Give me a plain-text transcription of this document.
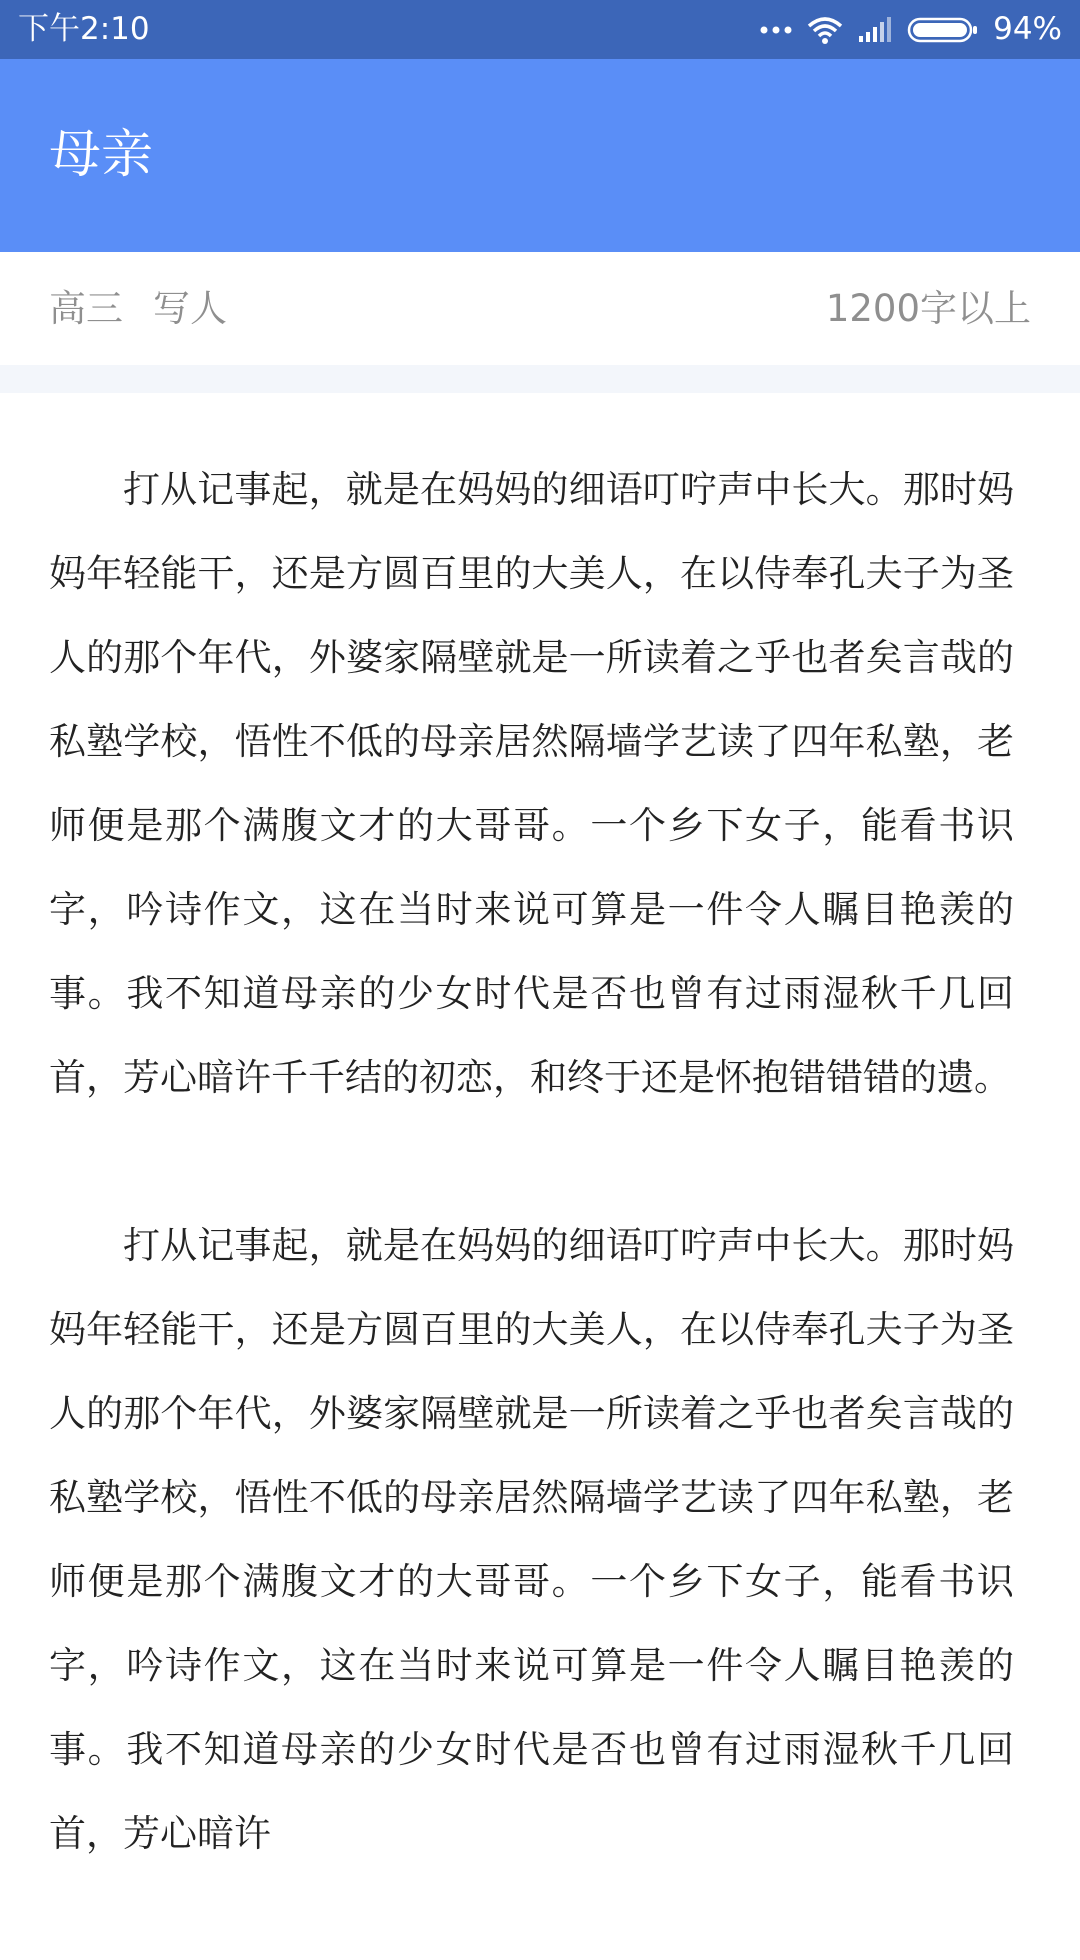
下午2:10	94%
母亲
高三 写人	1200字以上

打从记事起，就是在妈妈的细语叮咛声中长大。那时妈妈年轻能干，还是方圆百里的大美人，在以侍奉孔夫子为圣人的那个年代，外婆家隔壁就是一所读着之乎也者矣言哉的私塾学校，悟性不低的母亲居然隔墙学艺读了四年私塾，老师便是那个满腹文才的大哥哥。一个乡下女子，能看书识字，吟诗作文，这在当时来说可算是一件令人瞩目艳羡的事。我不知道母亲的少女时代是否也曾有过雨湿秋千几回首，芳心暗许千千结的初恋，和终于还是怀抱错错错的遗。

打从记事起，就是在妈妈的细语叮咛声中长大。那时妈妈年轻能干，还是方圆百里的大美人，在以侍奉孔夫子为圣人的那个年代，外婆家隔壁就是一所读着之乎也者矣言哉的私塾学校，悟性不低的母亲居然隔墙学艺读了四年私塾，老师便是那个满腹文才的大哥哥。一个乡下女子，能看书识字，吟诗作文，这在当时来说可算是一件令人瞩目艳羡的事。我不知道母亲的少女时代是否也曾有过雨湿秋千几回首，芳心暗许
